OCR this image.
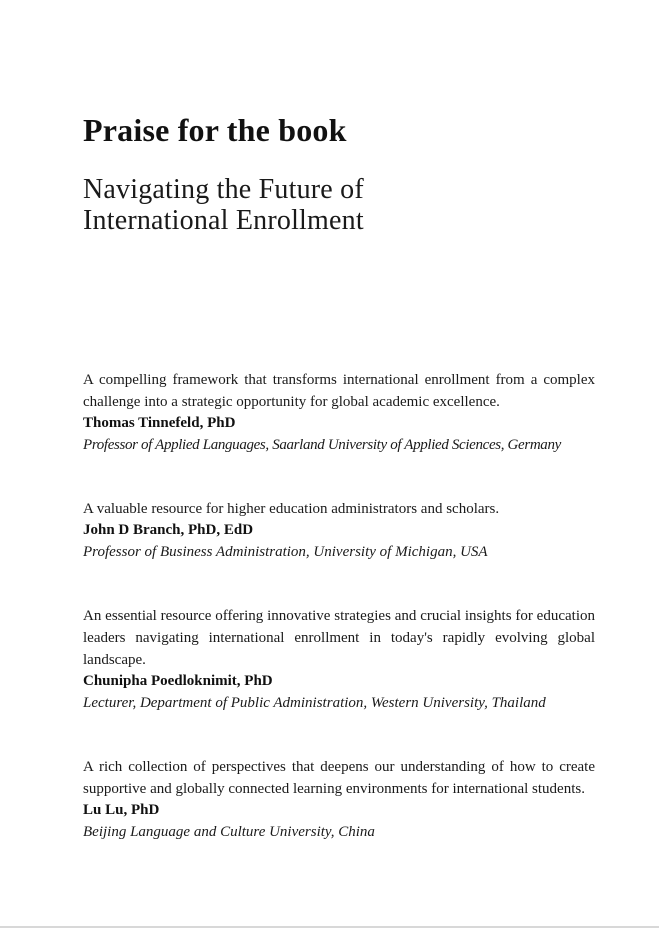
Praise for the book
Navigating the Future of
International Enrollment

A compelling framework that transforms international enrollment from a complex challenge into a strategic opportunity for global academic excellence.

Thomas Tinnefeld, PhD

Professor of Applied Languages, Saarland University of Applied Sciences, Germany

A valuable resource for higher education administrators and scholars.

John D Branch, PhD, EdD

Professor of Business Administration, University of Michigan, USA

An essential resource offering innovative strategies and crucial insights for education leaders navigating international enrollment in today's rapidly evolving global landscape.

Chunipha Poedloknimit, PhD

Lecturer, Department of Public Administration, Western University, Thailand

A rich collection of perspectives that deepens our understanding of how to create supportive and globally connected learning environments for international students.

Lu Lu, PhD

Beijing Language and Culture University, China
